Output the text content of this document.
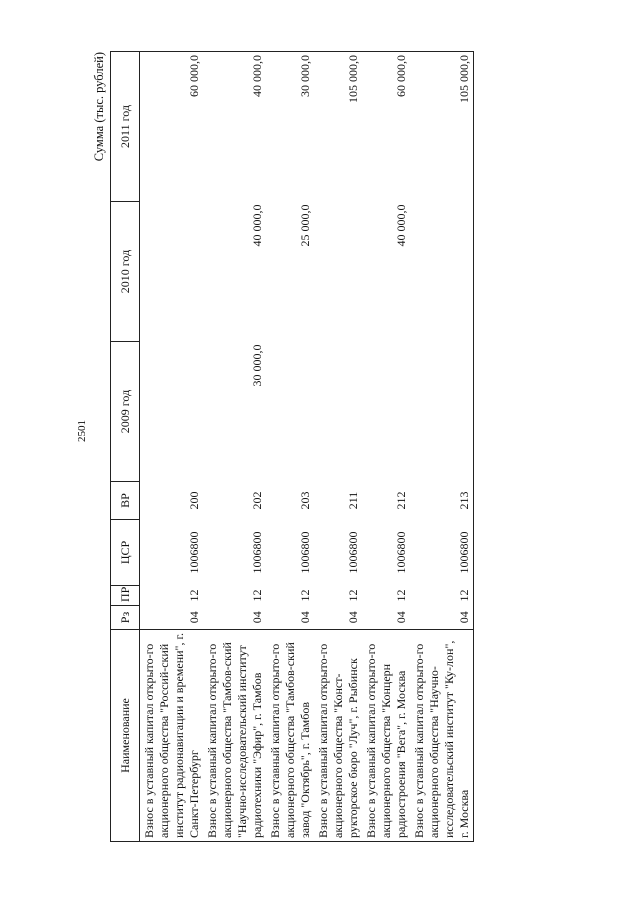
2501
Сумма (тыс. рублей)
Наименование	Рз	ПР	ЦСР	ВР	2009 год	2010 год	2011 год
Взнос в уставный капитал открыто-го акционерного общества "Россий-ский институт радионавигации и времени", г. Санкт-Петербург	04	12	1006800	200			60 000,0
Взнос в уставный капитал открыто-го акционерного общества "Тамбов-ский "Научно-исследовательский институт радиотехники "Эфир", г. Тамбов	04	12	1006800	202	30 000,0	40 000,0	40 000,0
Взнос в уставный капитал открыто-го акционерного общества "Тамбов-ский завод "Октябрь", г. Тамбов	04	12	1006800	203		25 000,0	30 000,0
Взнос в уставный капитал открыто-го акционерного общества "Конст-рукторское бюро "Луч", г. Рыбинск	04	12	1006800	211			105 000,0
Взнос в уставный капитал открыто-го акционерного общества "Концерн радиостроения "Вега", г. Москва	04	12	1006800	212		40 000,0	60 000,0
Взнос в уставный капитал открыто-го акционерного общества "Научно-исследовательский институт "Ку-лон", г. Москва	04	12	1006800	213			105 000,0
